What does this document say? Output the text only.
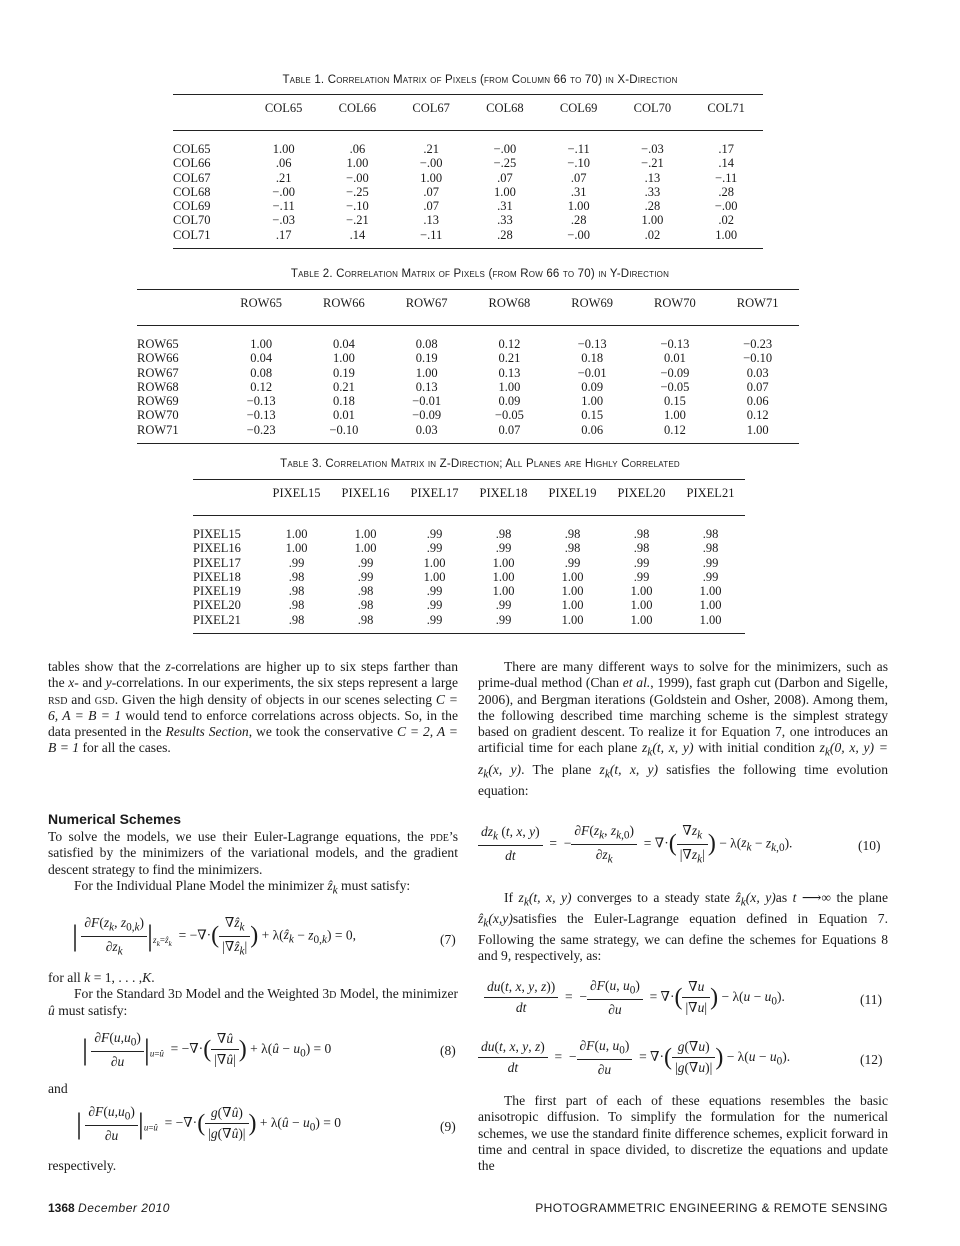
Table 1. Correlation Matrix of Pixels (from Column 66 to 70) in X-Direction
	COL65	COL66	COL67	COL68	COL69	COL70	COL71
COL65	1.00	.06	.21	−.00	−.11	−.03	.17
COL66	.06	1.00	−.00	−.25	−.10	−.21	.14
COL67	.21	−.00	1.00	.07	.07	.13	−.11
COL68	−.00	−.25	.07	1.00	.31	.33	.28
COL69	−.11	−.10	.07	.31	1.00	.28	−.00
COL70	−.03	−.21	.13	.33	.28	1.00	.02
COL71	.17	.14	−.11	.28	−.00	.02	1.00
Table 2. Correlation Matrix of Pixels (from Row 66 to 70) in Y-Direction
	ROW65	ROW66	ROW67	ROW68	ROW69	ROW70	ROW71
ROW65	1.00	0.04	0.08	0.12	−0.13	−0.13	−0.23
ROW66	0.04	1.00	0.19	0.21	0.18	0.01	−0.10
ROW67	0.08	0.19	1.00	0.13	−0.01	−0.09	0.03
ROW68	0.12	0.21	0.13	1.00	0.09	−0.05	0.07
ROW69	−0.13	0.18	−0.01	0.09	1.00	0.15	0.06
ROW70	−0.13	0.01	−0.09	−0.05	0.15	1.00	0.12
ROW71	−0.23	−0.10	0.03	0.07	0.06	0.12	1.00
Table 3. Correlation Matrix in Z-Direction; All Planes are Highly Correlated
	PIXEL15	PIXEL16	PIXEL17	PIXEL18	PIXEL19	PIXEL20	PIXEL21
PIXEL15	1.00	1.00	.99	.98	.98	.98	.98
PIXEL16	1.00	1.00	.99	.99	.98	.98	.98
PIXEL17	.99	.99	1.00	1.00	.99	.99	.99
PIXEL18	.98	.99	1.00	1.00	1.00	.99	.99
PIXEL19	.98	.98	.99	1.00	1.00	1.00	1.00
PIXEL20	.98	.98	.99	.99	1.00	1.00	1.00
PIXEL21	.98	.98	.99	.99	1.00	1.00	1.00

tables show that the z-correlations are higher up to six steps farther than the x- and y-correlations. In our experiments, the six steps represent a large rsd and gsd. Given the high density of objects in our scenes selecting C = 6, A = B = 1 would tend to enforce correlations across objects. So, in the data presented in the Results Section, we took the conservative C = 2, A = B = 1 for all the cases.

Numerical Schemes

To solve the models, we use their Euler-Lagrange equations, the pde’s satisfied by the minimizers of the variational models, and the gradient descent strategy to find the minimizers.

For the Individual Plane Model the minimizer ẑ$_k$ must satisfy:

| $\frac{\partial F(z_k, z_{0,k})}{\partial z_k} |_{z_k=ẑ_k}$  = −∇·( $\frac{\nabla ẑ_k}{|\nabla ẑ_k|}$ ) + λ(ẑ$_k$ − $z_{0,k}) = 0$,	(7)

for all k = 1, . . . ,K.

For the Standard 3d Model and the Weighted 3d Model, the minimizer û must satisfy:

| $\frac{\partial F(u,u_0)}{\partial u} |_{u=û}$  = −∇·( $\frac{\nabla û}{|\nabla û|}$ ) + λ(û − $u_0) = 0$	(8)
and
| $\frac{\partial F(u,u_0)}{\partial u} |_{u=û}$  = −∇·( $\frac{g(\nabla û)}{|g(\nabla û)|}$ ) + λ(û − $u_0) = 0$	(9)
respectively.

There are many different ways to solve for the minimizers, such as prime-dual method (Chan et al., 1999), fast graph cut (Darbon and Sigelle, 2006), and Bergman iterations (Goldstein and Osher, 2008). Among them, the following described time marching scheme is the simplest strategy based on gradient descent. To realize it for Equation 7, one introduces an artificial time for each plane $z_k(t$, x, y) with initial condition $z_k(0$, x, $y) = z_k(x$, y). The plane $z_k(t$, x, y) satisfies the following time evolution equation:

$\frac{dz_k (t, x, y)}{dt}$ =  − $\frac{\partial F(z_k, z_{k,0})}{\partial z_k}$ = ∇·( $\frac{\nabla z_k}{|\nabla z_k|}$ ) − $\lambda(z_k - z_{k,0})$.	(10)

If $z_k(t$, x, y) converges to a steady state ẑ$_k$(x, y)as t ⟶∞ the plane ẑ$_k$(x,y)satisfies the Euler-Lagrange equation defined in Equation 7. Following the same strategy, we can define the schemes for Equations 8 and 9, respectively, as:

$\frac{du(t, x, y, z))}{dt}$ =  − $\frac{\partial F(u, u_0)}{\partial u}$ = ∇·( $\frac{\nabla u}{|\nabla u|}$ ) − $\lambda(u - u_0)$.	(11)
$\frac{du(t, x, y, z)}{dt}$ =  − $\frac{\partial F(u, u_0)}{\partial u}$ = ∇·( $\frac{g(\nabla u)}{|g(\nabla u)|}$ ) − $\lambda(u - u_0)$.	(12)

The first part of each of these equations resembles the basic anisotropic diffusion. To simplify the formulation for the numerical schemes, we use the standard finite difference schemes, explicit forward in time and central in space divided, to discretize the equations and update the

1368 December 2010	PHOTOGRAMMETRIC ENGINEERING & REMOTE SENSING
